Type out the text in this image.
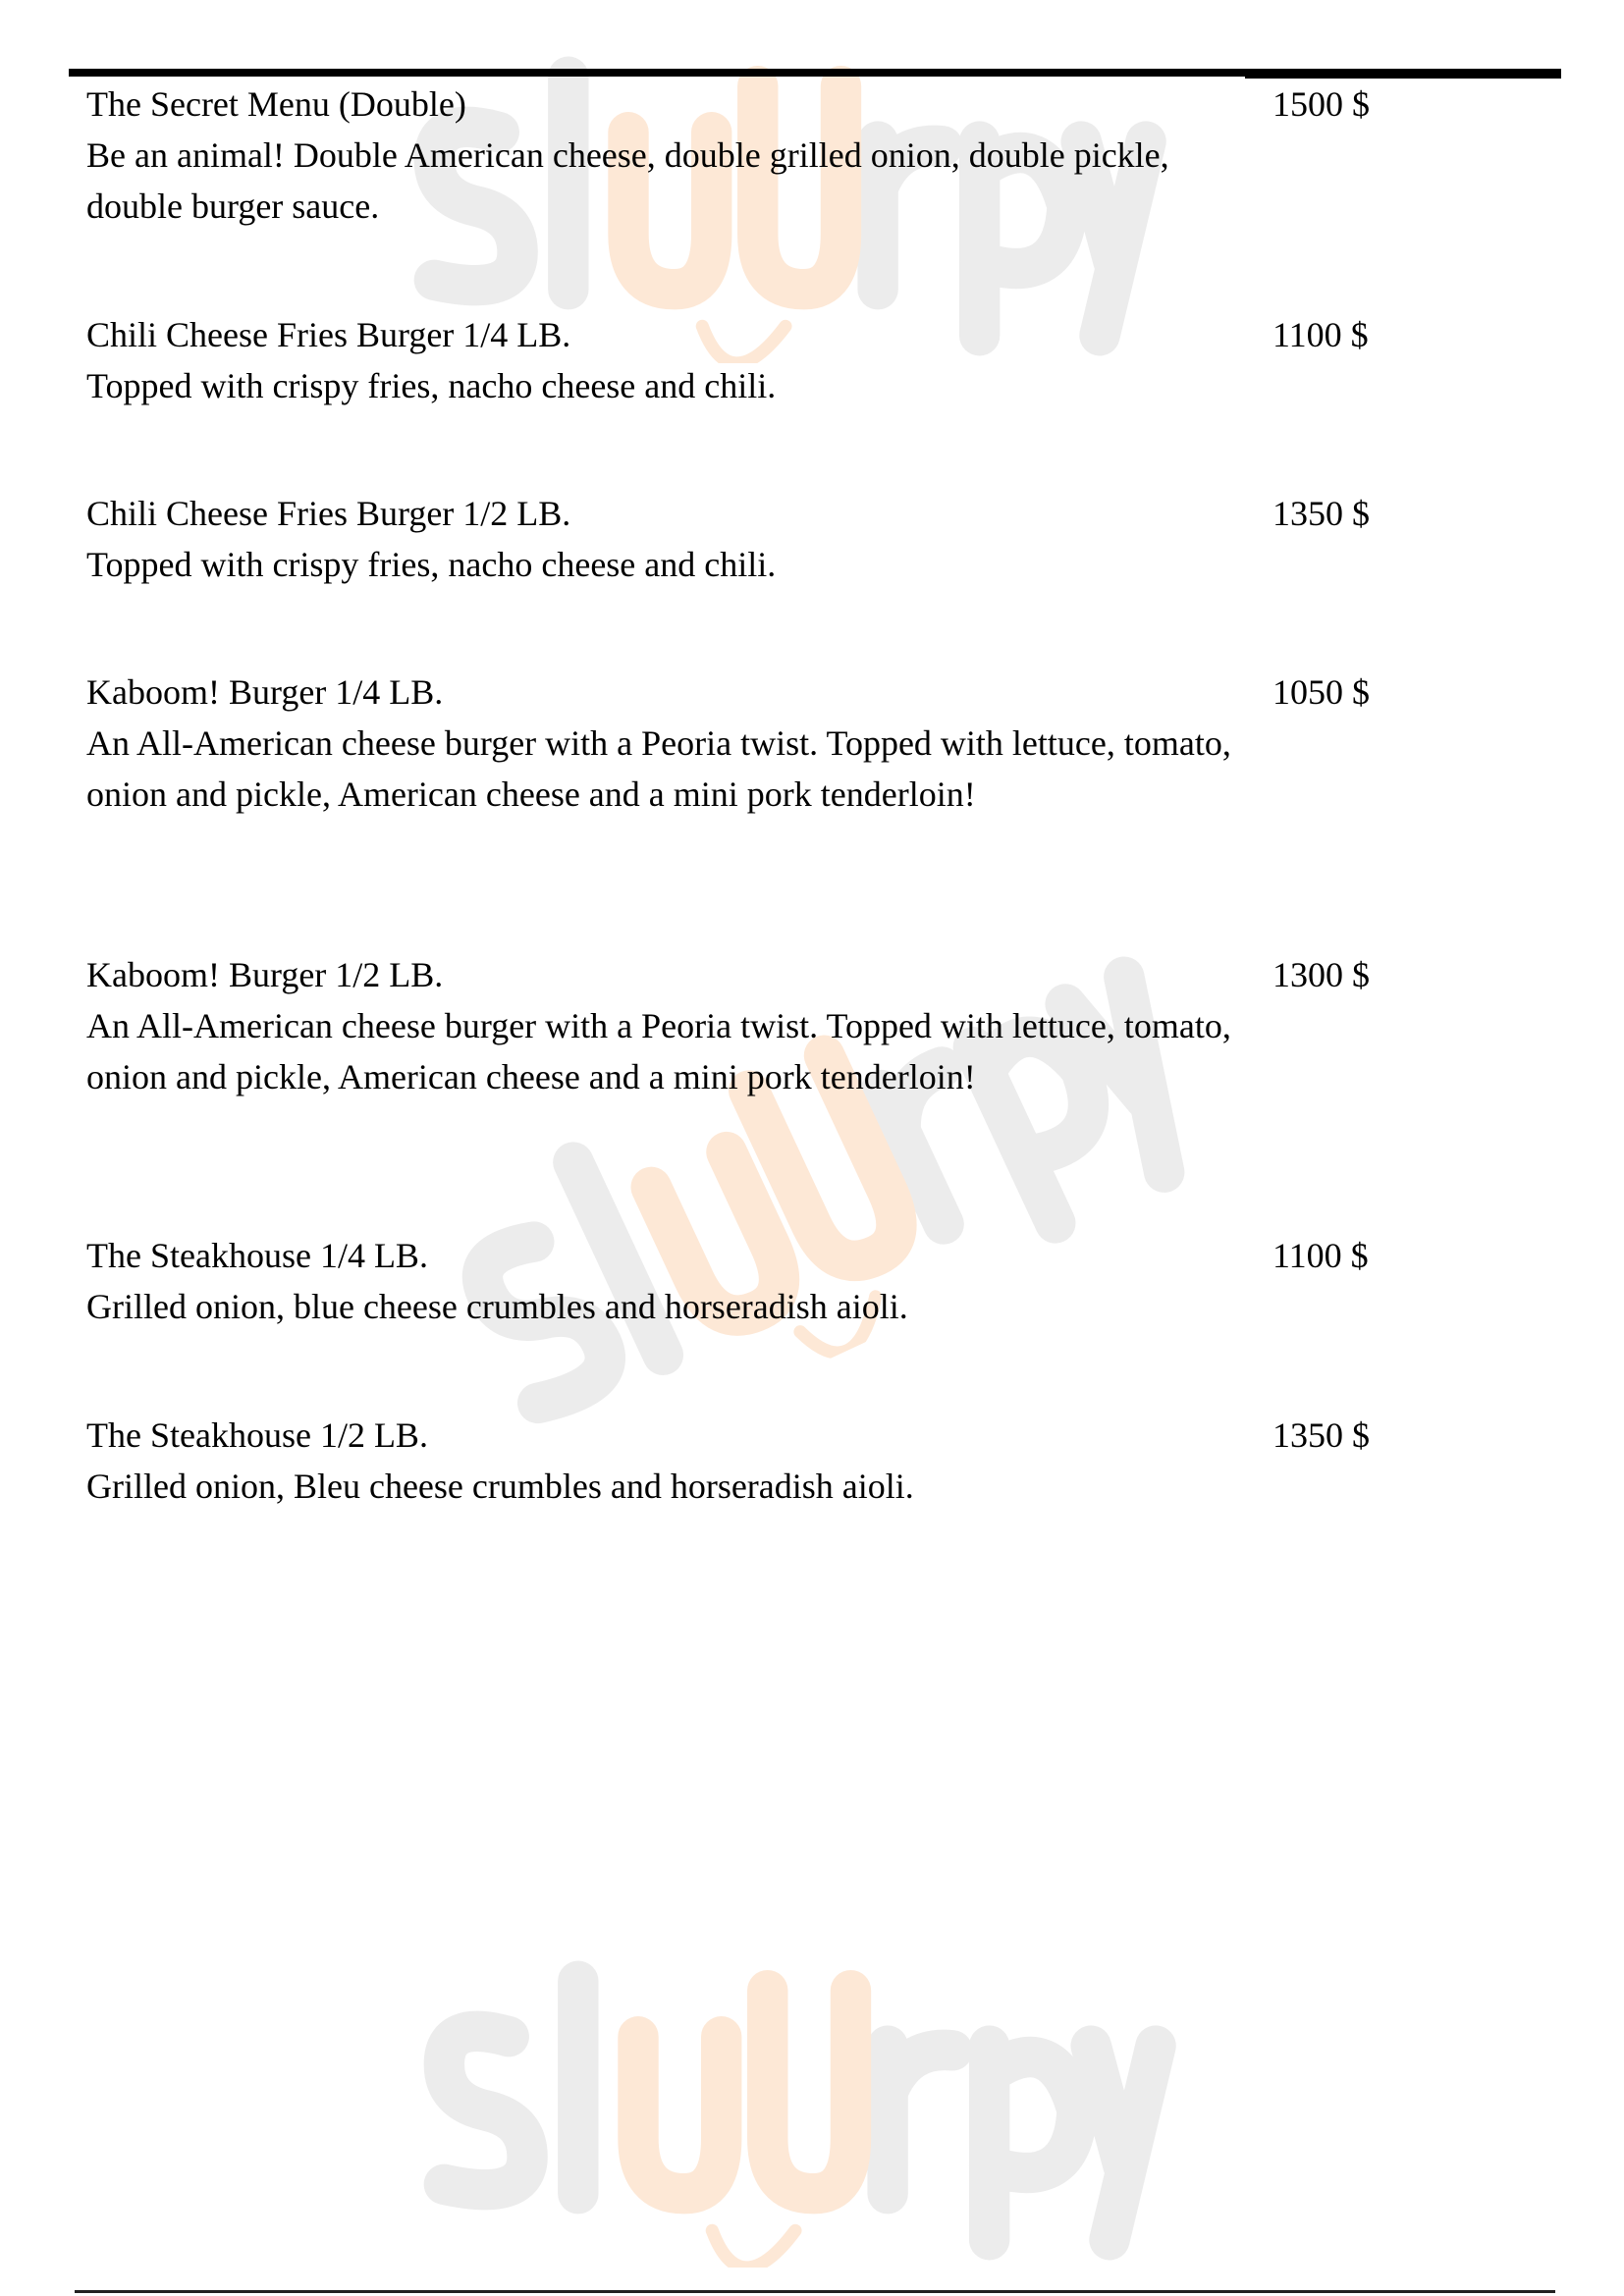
The Secret Menu (Double)
Be an animal! Double American cheese, double grilled onion, double pickle, double burger sauce.
1500 $
Chili Cheese Fries Burger 1/4 LB.
Topped with crispy fries, nacho cheese and chili.
1100 $
Chili Cheese Fries Burger 1/2 LB.
Topped with crispy fries, nacho cheese and chili.
1350 $
Kaboom! Burger 1/4 LB.
An All-American cheese burger with a Peoria twist. Topped with lettuce, tomato, onion and pickle, American cheese and a mini pork tenderloin!
1050 $
Kaboom! Burger 1/2 LB.
An All-American cheese burger with a Peoria twist. Topped with lettuce, tomato, onion and pickle, American cheese and a mini pork tenderloin!
1300 $
The Steakhouse 1/4 LB.
Grilled onion, blue cheese crumbles and horseradish aioli.
1100 $
The Steakhouse 1/2 LB.
Grilled onion, Bleu cheese crumbles and horseradish aioli.
1350 $
